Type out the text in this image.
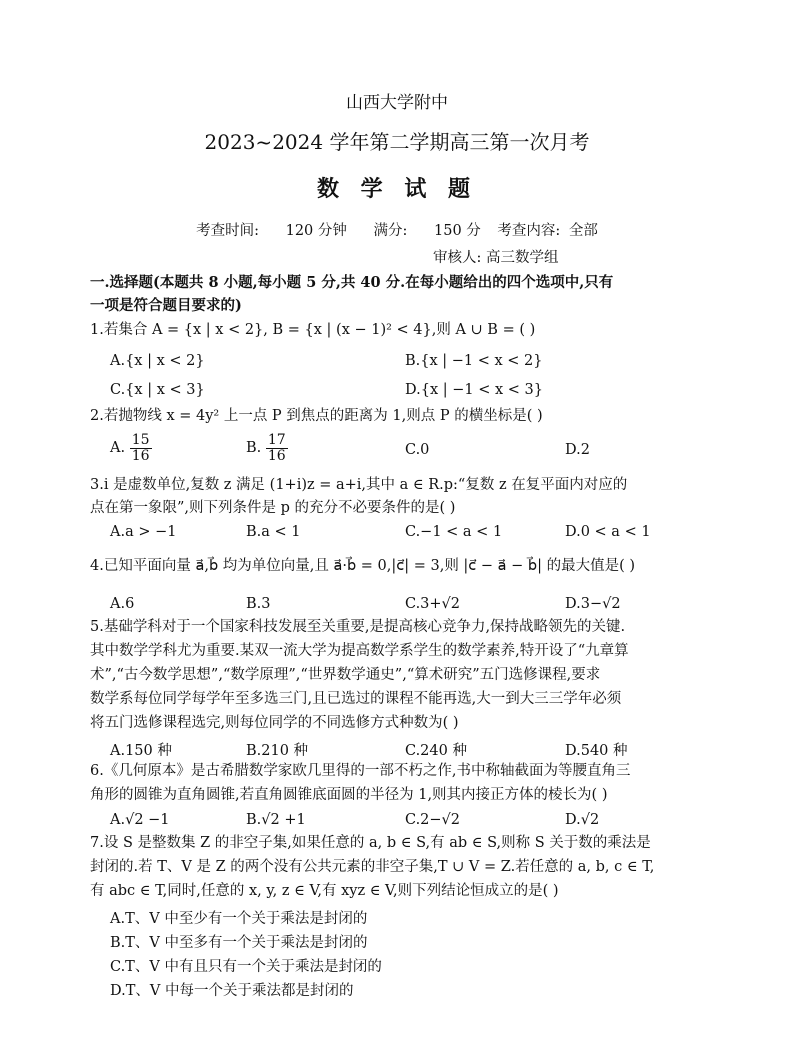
山西大学附中
2023~2024 学年第二学期高三第一次月考
数 学 试 题
考查时间: 120 分钟 满分: 150 分 考查内容: 全部
审核人: 高三数学组
一.选择题(本题共 8 小题,每小题 5 分,共 40 分.在每小题给出的四个选项中,只有
一项是符合题目要求的)
1.若集合 A = {x | x < 2}, B = {x | (x − 1)² < 4},则 A ∪ B = ( )
A.{x | x < 2}	B.{x | −1 < x < 2}
C.{x | x < 3}	D.{x | −1 < x < 3}
2.若抛物线 x = 4y² 上一点 P 到焦点的距离为 1,则点 P 的横坐标是( )
A. $\frac{15}{16}$	B. $\frac{17}{16}$	C.0	D.2
3.i 是虚数单位,复数 z 满足 (1+i)z = a+i,其中 a ∈ R.p:“复数 z 在复平面内对应的
点在第一象限”,则下列条件是 p 的充分不必要条件的是( )
A.a > −1	B.a < 1	C.−1 < a < 1	D.0 < a < 1
4.已知平面向量 a⃗,b⃗ 均为单位向量,且 a⃗·b⃗ = 0,|c⃗| = 3,则 |c⃗ − a⃗ − b⃗| 的最大值是( )
A.6	B.3	C.3+√2	D.3−√2
5.基础学科对于一个国家科技发展至关重要,是提高核心竞争力,保持战略领先的关键.
其中数学学科尤为重要.某双一流大学为提高数学系学生的数学素养,特开设了“九章算
术”,“古今数学思想”,“数学原理”,“世界数学通史”,“算术研究”五门选修课程,要求
数学系每位同学每学年至多选三门,且已选过的课程不能再选,大一到大三三学年必须
将五门选修课程选完,则每位同学的不同选修方式种数为( )
A.150 种	B.210 种	C.240 种	D.540 种
6.《几何原本》是古希腊数学家欧几里得的一部不朽之作,书中称轴截面为等腰直角三
角形的圆锥为直角圆锥,若直角圆锥底面圆的半径为 1,则其内接正方体的棱长为( )
A.√2 −1	B.√2 +1	C.2−√2	D.√2
7.设 S 是整数集 Z 的非空子集,如果任意的 a, b ∈ S,有 ab ∈ S,则称 S 关于数的乘法是
封闭的.若 T、V 是 Z 的两个没有公共元素的非空子集,T ∪ V = Z.若任意的 a, b, c ∈ T,
有 abc ∈ T,同时,任意的 x, y, z ∈ V,有 xyz ∈ V,则下列结论恒成立的是( )
A.T、V 中至少有一个关于乘法是封闭的
B.T、V 中至多有一个关于乘法是封闭的
C.T、V 中有且只有一个关于乘法是封闭的
D.T、V 中每一个关于乘法都是封闭的
